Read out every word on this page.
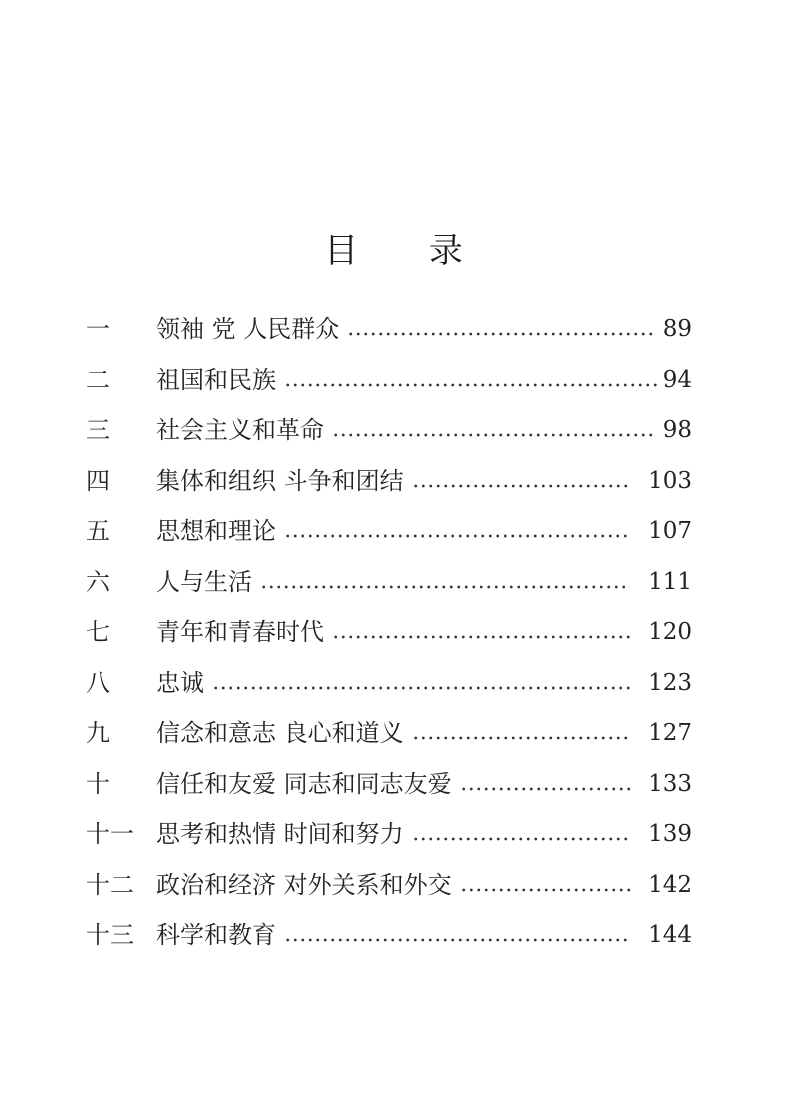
目 录
一	领袖 党 人民群众	89
二	祖国和民族	94
三	社会主义和革命	98
四	集体和组织 斗争和团结	103
五	思想和理论	107
六	人与生活	111
七	青年和青春时代	120
八	忠诚	123
九	信念和意志 良心和道义	127
十	信任和友爱 同志和同志友爱	133
十一 思考和热情 时间和努力	139
十二 政治和经济 对外关系和外交	142
十三 科学和教育	144
